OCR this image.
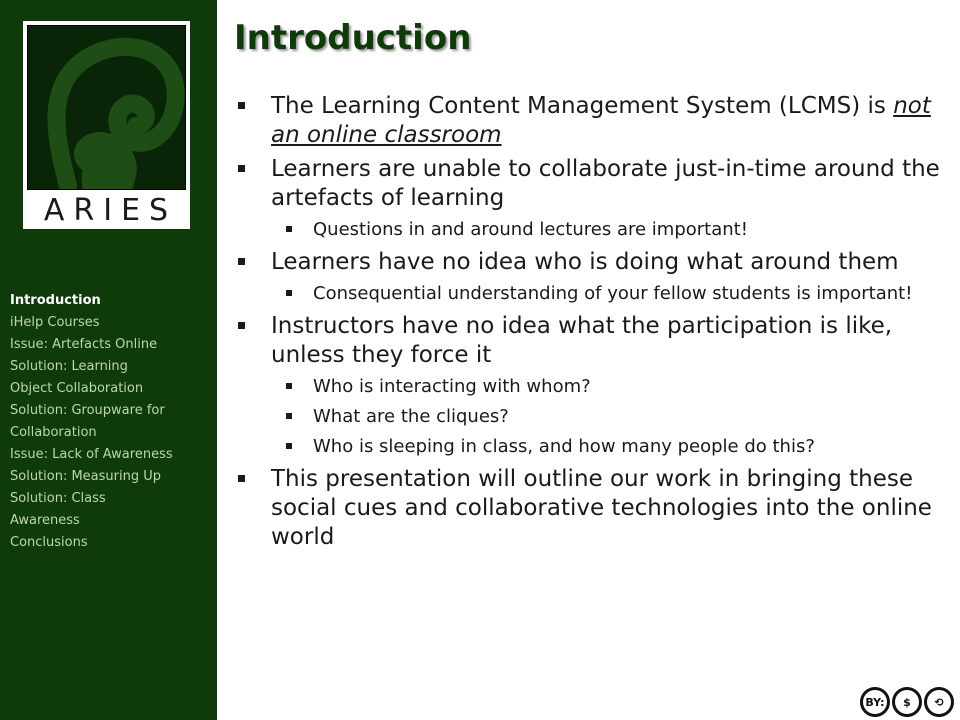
ARIES
Introduction
iHelp Courses
Issue: Artefacts Online
Solution: Learning
Object Collaboration
Solution: Groupware for
Collaboration
Issue: Lack of Awareness
Solution: Measuring Up
Solution: Class
Awareness
Conclusions
Introduction
The Learning Content Management System (LCMS) is not an online classroom
Learners are unable to collaborate just-in-time around the artefacts of learning
Questions in and around lectures are important!
Learners have no idea who is doing what around them
Consequential understanding of your fellow students is important!
Instructors have no idea what the participation is like, unless they force it
Who is interacting with whom?
What are the cliques?
Who is sleeping in class, and how many people do this?
This presentation will outline our work in bringing these social cues and collaborative technologies into the online world
BY:	$	⟲
